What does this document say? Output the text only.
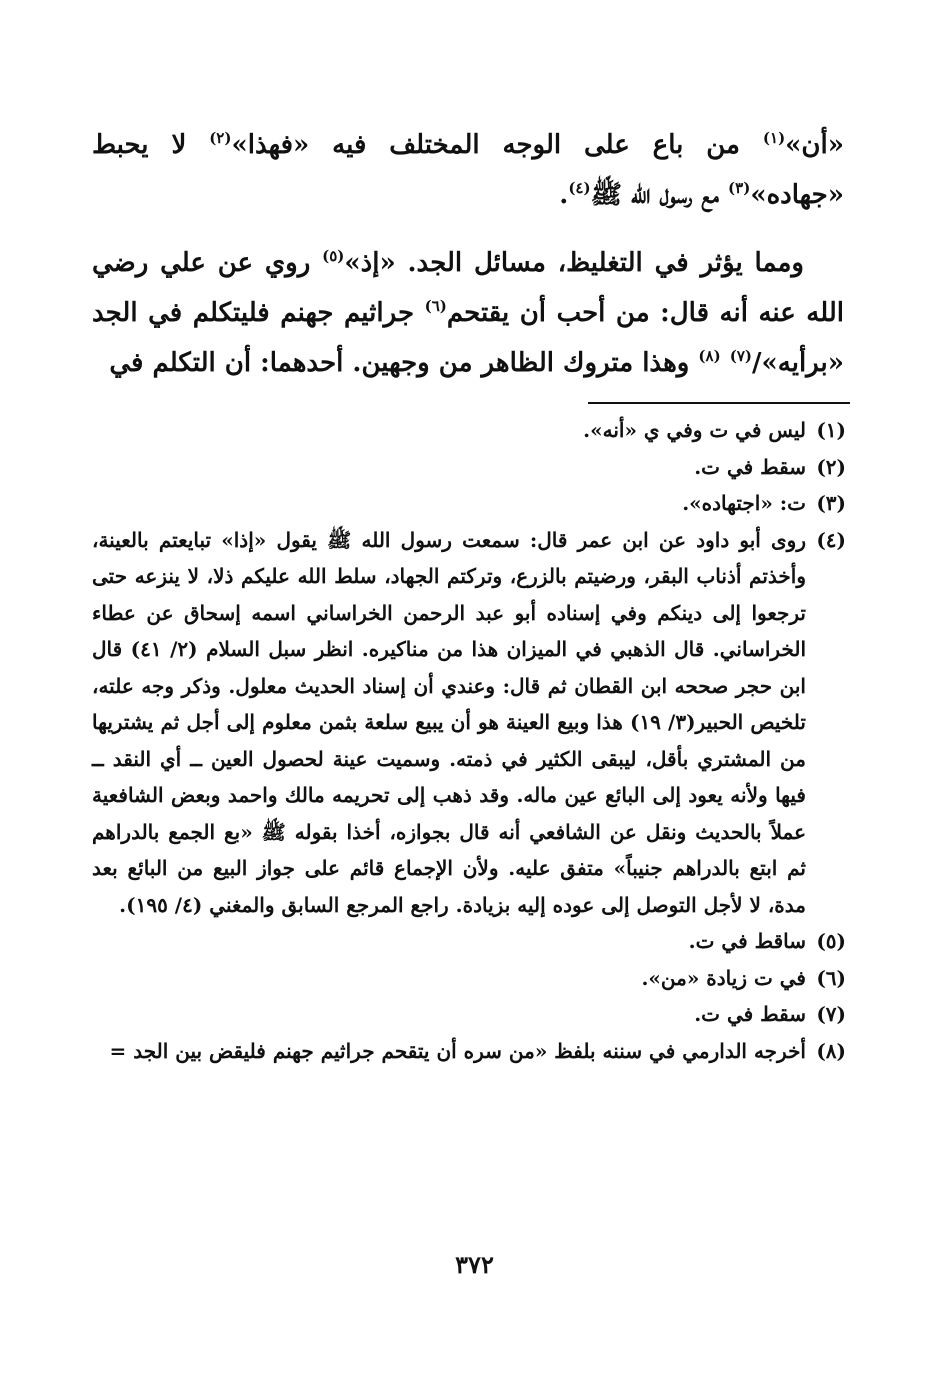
«أن»$^{(١)}$ من باع على الوجه المختلف فيه «فهذا»$^{(٢)}$ لا يحبط «جهاده»$^{(٣)}$ مع رسول الله ﷺ$^{(٤)}$.

ومما يؤثر في التغليظ، مسائل الجد. «إذ»$^{(٥)}$ روي عن علي رضي الله عنه أنه قال: من أحب أن يقتحم$^{(٦)}$ جراثيم جهنم فليتكلم في الجد «برأيه»/$^{(٧)}$ $^{(٨)}$ وهذا متروك الظاهر من وجهين. أحدهما: أن التكلم في

(١)
ليس في ت وفي ي «أنه».
(٢)
سقط في ت.
(٣)
ت: «اجتهاده».
(٤)
روى أبو داود عن ابن عمر قال: سمعت رسول الله ﷺ يقول «إذا» تبايعتم بالعينة، وأخذتم أذناب البقر، ورضيتم بالزرع، وتركتم الجهاد، سلط الله عليكم ذلا، لا ينزعه حتى ترجعوا إلى دينكم وفي إسناده أبو عبد الرحمن الخراساني اسمه إسحاق عن عطاء الخراساني. قال الذهبي في الميزان هذا من مناكيره. انظر سبل السلام (٢/ ٤١) قال ابن حجر صححه ابن القطان ثم قال: وعندي أن إسناد الحديث معلول. وذكر وجه علته، تلخيص الحبير(٣/ ١٩) هذا وبيع العينة هو أن يبيع سلعة بثمن معلوم إلى أجل ثم يشتريها من المشتري بأقل، ليبقى الكثير في ذمته. وسميت عينة لحصول العين ــ أي النقد ــ فيها ولأنه يعود إلى البائع عين ماله. وقد ذهب إلى تحريمه مالك واحمد وبعض الشافعية عملاً بالحديث ونقل عن الشافعي أنه قال بجوازه، أخذا بقوله ﷺ «بع الجمع بالدراهم ثم ابتع بالدراهم جنيباً» متفق عليه. ولأن الإجماع قائم على جواز البيع من البائع بعد مدة، لا لأجل التوصل إلى عوده إليه بزيادة. راجع المرجع السابق والمغني (٤/ ١٩٥).
(٥)
ساقط في ت.
(٦)
في ت زيادة «من».
(٧)
سقط في ت.
(٨)
أخرجه الدارمي في سننه بلفظ «من سره أن يتقحم جراثيم جهنم فليقض بين الجد =
٣٧٢
